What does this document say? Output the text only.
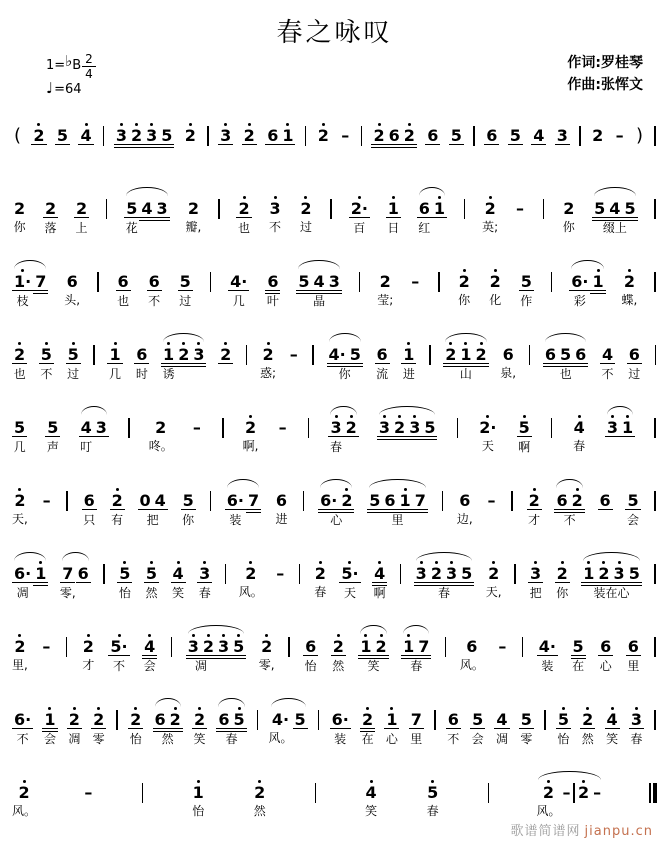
春之咏叹
1= ♭ B $\frac{2}{4}$
♩=64
作词:罗桂琴
作曲:张恽文
( 2 5 4 3 2 3 5 2 3 2 6 1 2 – 2 6 2 6 5 6 5 4 3 2 – )
2
你
2
落
2
上
5
花
4 3 2
瓣,
2
也
3
不
2
过
2·
百
1
日
6
红
1 2
英;
– 2
你
5 4 5
缀上
1·
枝
7 6
头,
6
也
6
不
5
过
4·
几
6
叶
5 4 3
晶
2
莹;
– 2
你
2
化
5
作
6·
彩
1 2
蝶,
2
也
5
不
5
过
1
几
6
时
1
诱
2 3 2 2
惑;
– 4· 5
你
6
流
1
进
2 1 2
山
6
泉,
6 5 6
也
4
不
6
过
5
几
5
声
4
叮
3	2
咚。
–	2
啊,
–	3
春
2 3 2 3 5	2·
天
5
啊
4
春
3 1
2
天,
– 6
只
2
有
0 4
把
5
你
6·
装
7 6
进
6· 2
心
5 6 1 7
里
6
边,
– 2
才
6 2
不
6 5
会
6·
凋
1 7
零,
6 5
怡
5
然
4
笑
3
春
2
风。
– 2
春
5·
天
4
啊
3 2 3 5
春
2
天,
3
把
2
你
1 2 3 5
装在心
2
里,
– 2
才
5·
不
4
会
3 2
凋
3 5 2
零,
6
怡
2
然
1 2
笑
1 7
春
6
风。
– 4·
装
5
在
6
心
6
里
6·
不
1
会
2
凋
2
零
2
怡
6 2
然
2
笑
6 5
春
4·
风。
5 6·
装
2
在
1
心
7
里
6
不
5
会
4
凋
5
零
5
怡
2
然
4
笑
3
春
2
风。
–	1
怡
2
然
4
笑
5
春
2
风。
– 2 –
歌谱简谱网 jianpu.cn
